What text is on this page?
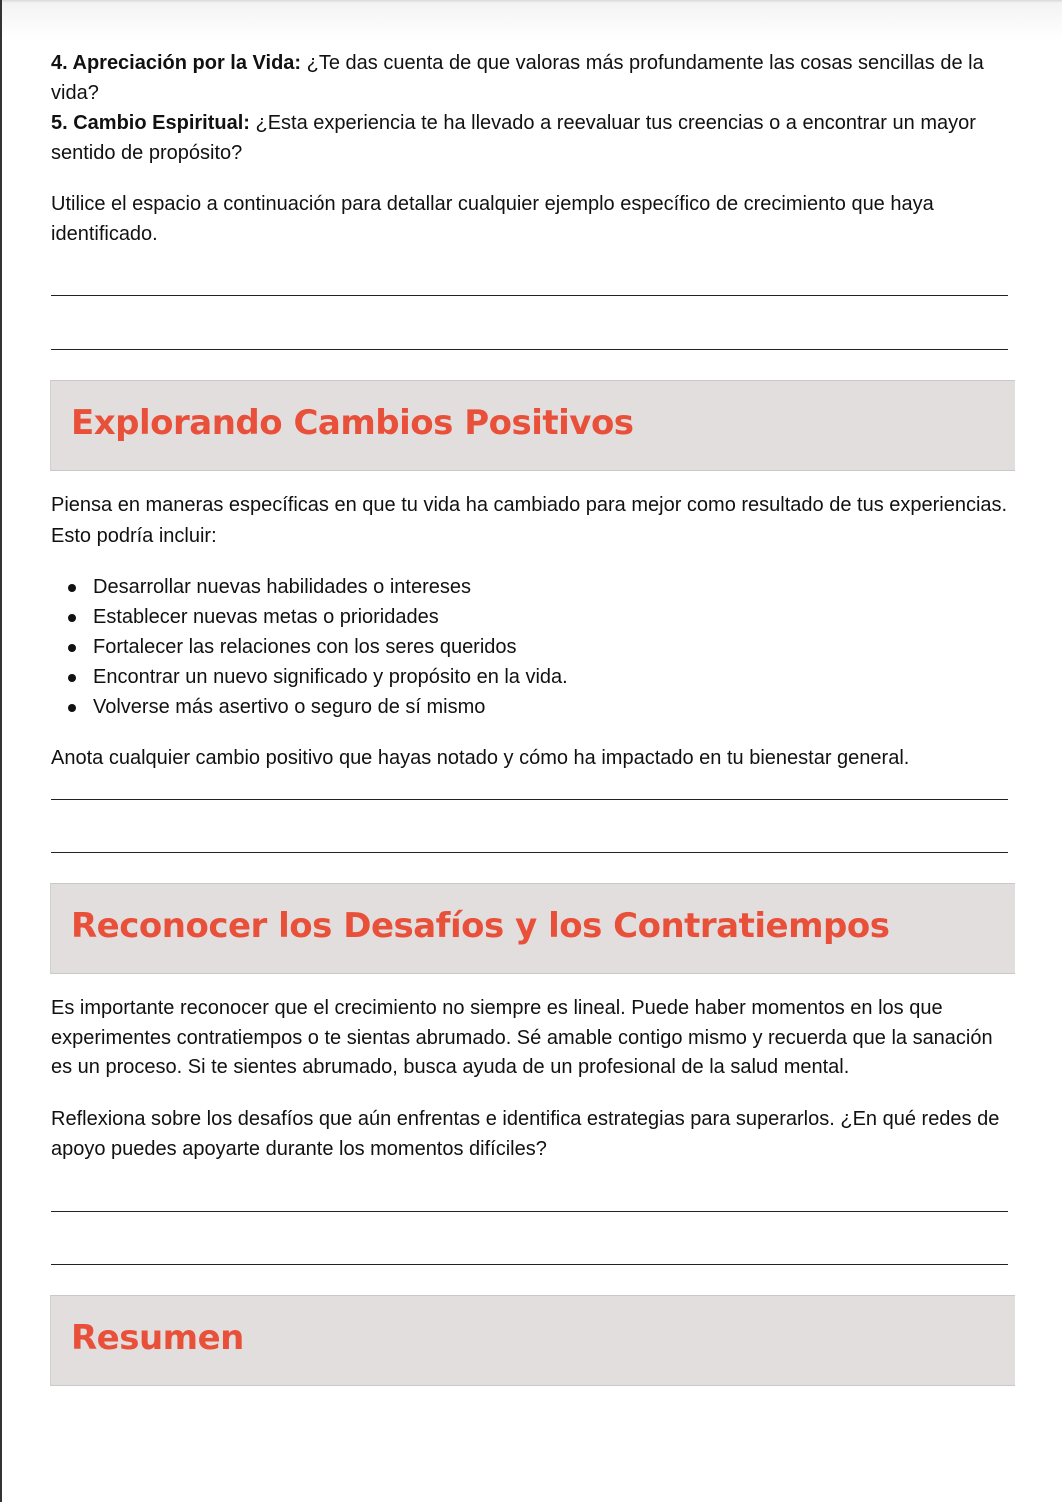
4. Apreciación por la Vida: ¿Te das cuenta de que valoras más profundamente las cosas sencillas de la vida?

5. Cambio Espiritual: ¿Esta experiencia te ha llevado a reevaluar tus creencias o a encontrar un mayor sentido de propósito?

Utilice el espacio a continuación para detallar cualquier ejemplo específico de crecimiento que haya identificado.

Explorando Cambios Positivos

Piensa en maneras específicas en que tu vida ha cambiado para mejor como resultado de tus experiencias. Esto podría incluir:

Desarrollar nuevas habilidades o intereses
Establecer nuevas metas o prioridades
Fortalecer las relaciones con los seres queridos
Encontrar un nuevo significado y propósito en la vida.
Volverse más asertivo o seguro de sí mismo

Anota cualquier cambio positivo que hayas notado y cómo ha impactado en tu bienestar general.

Reconocer los Desafíos y los Contratiempos

Es importante reconocer que el crecimiento no siempre es lineal. Puede haber momentos en los que experimentes contratiempos o te sientas abrumado. Sé amable contigo mismo y recuerda que la sanación es un proceso. Si te sientes abrumado, busca ayuda de un profesional de la salud mental.

Reflexiona sobre los desafíos que aún enfrentas e identifica estrategias para superarlos. ¿En qué redes de apoyo puedes apoyarte durante los momentos difíciles?

Resumen
